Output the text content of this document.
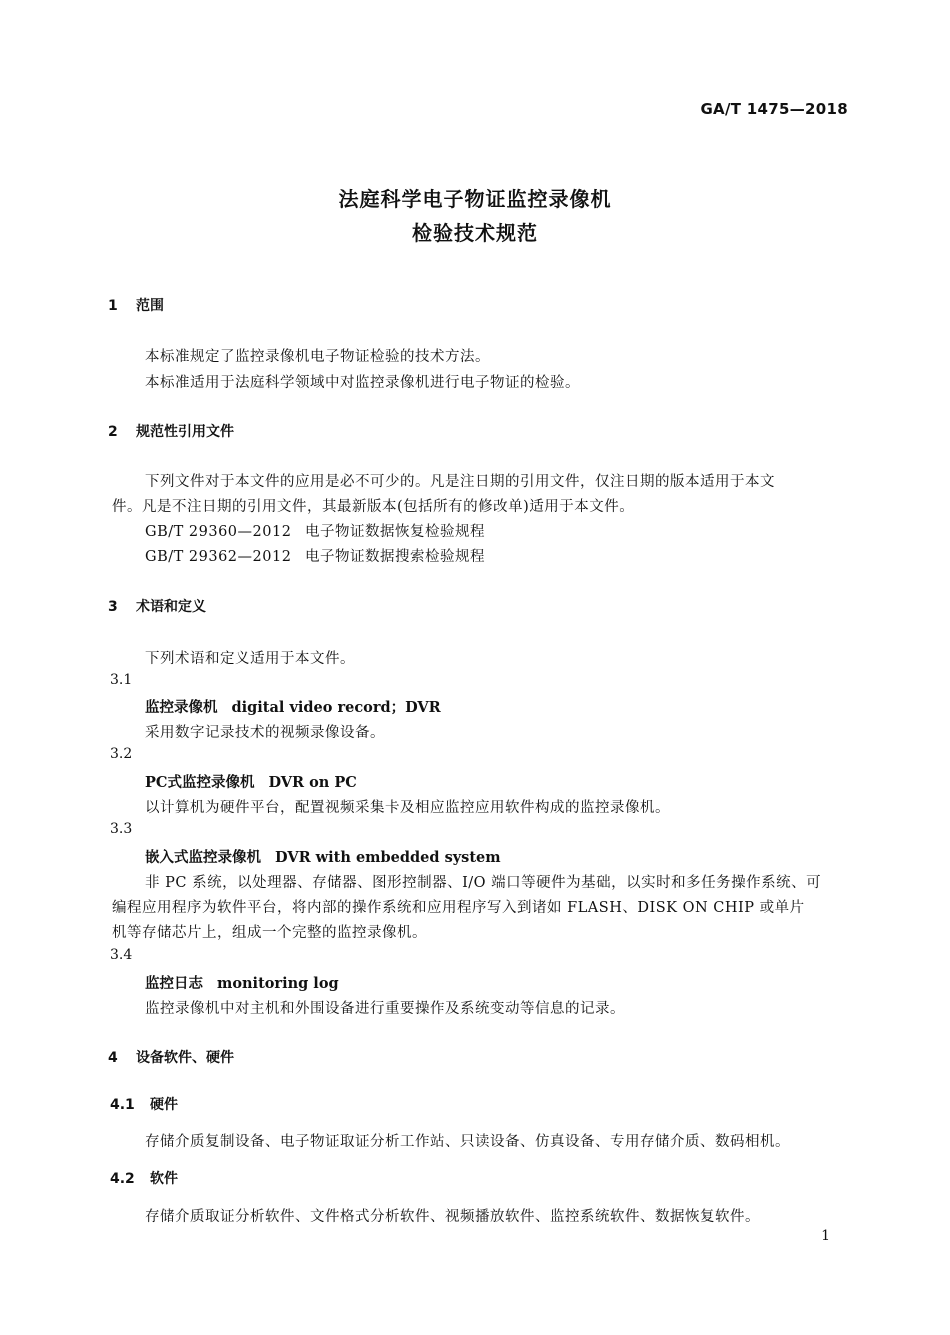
GA/T 1475—2018
法庭科学电子物证监控录像机
检验技术规范
1 范围
本标准规定了监控录像机电子物证检验的技术方法。
本标准适用于法庭科学领域中对监控录像机进行电子物证的检验。
2 规范性引用文件
下列文件对于本文件的应用是必不可少的。凡是注日期的引用文件，仅注日期的版本适用于本文
件。凡是不注日期的引用文件，其最新版本(包括所有的修改单)适用于本文件。
GB/T 29360—2012 电子物证数据恢复检验规程
GB/T 29362—2012 电子物证数据搜索检验规程
3 术语和定义
下列术语和定义适用于本文件。
3.1
监控录像机 digital video record；DVR
采用数字记录技术的视频录像设备。
3.2
PC式监控录像机 DVR on PC
以计算机为硬件平台，配置视频采集卡及相应监控应用软件构成的监控录像机。
3.3
嵌入式监控录像机 DVR with embedded system
非 PC 系统，以处理器、存储器、图形控制器、I/O 端口等硬件为基础，以实时和多任务操作系统、可
编程应用程序为软件平台，将内部的操作系统和应用程序写入到诸如 FLASH、DISK ON CHIP 或单片
机等存储芯片上，组成一个完整的监控录像机。
3.4
监控日志 monitoring log
监控录像机中对主机和外围设备进行重要操作及系统变动等信息的记录。
4 设备软件、硬件
4.1 硬件
存储介质复制设备、电子物证取证分析工作站、只读设备、仿真设备、专用存储介质、数码相机。
4.2 软件
存储介质取证分析软件、文件格式分析软件、视频播放软件、监控系统软件、数据恢复软件。
1
